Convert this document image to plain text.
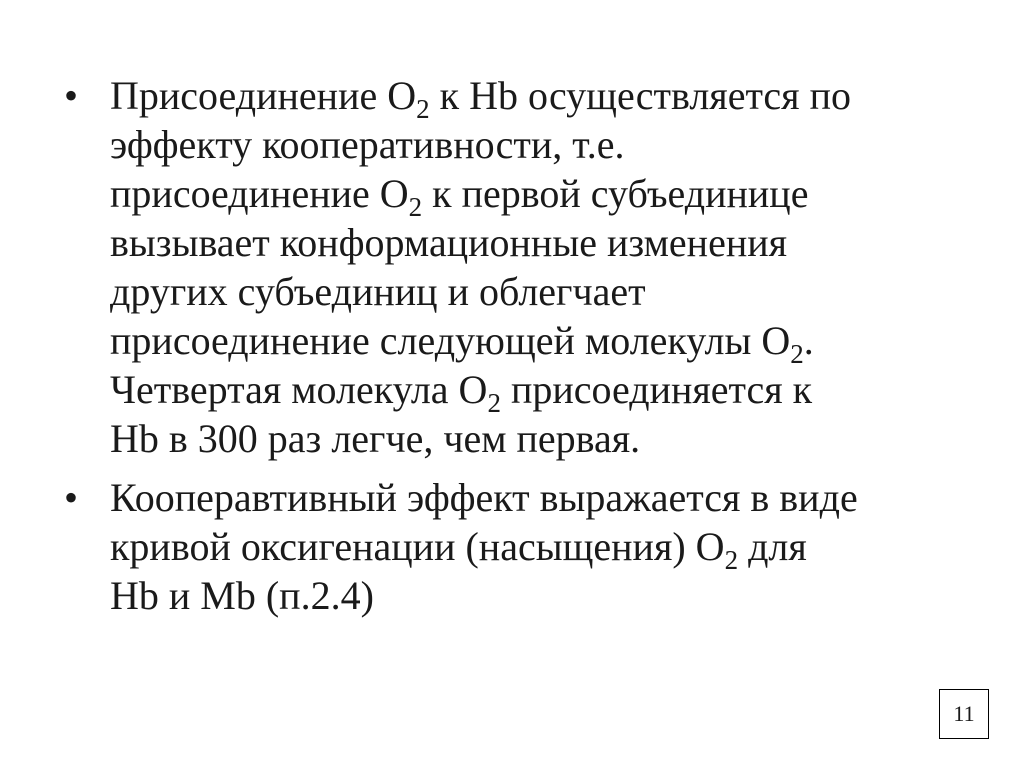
• Присоединение $О_2$ к Hb осуществляется по
эффекту кооперативности, т.е.
присоединение $О_2$ к первой субъединице
вызывает конформационные изменения
других субъединиц и облегчает
присоединение следующей молекулы $О_2$.
Четвертая молекула $О_2$ присоединяется к
Hb в 300 раз легче, чем первая.
• Кооперавтивный эффект выражается в виде
кривой оксигенации (насыщения) $О_2$ для
Hb и Mb (п.2.4)
11
